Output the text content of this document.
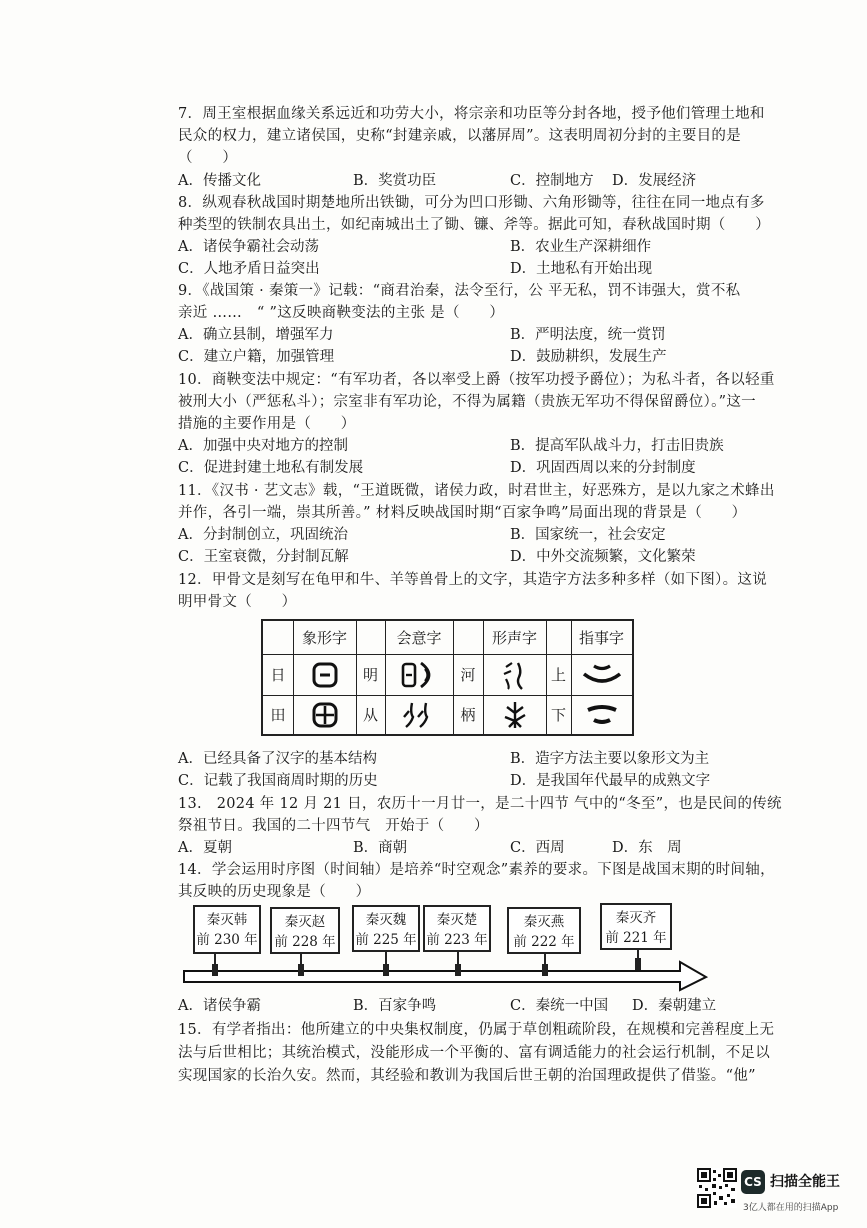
7．周王室根据血缘关系远近和功劳大小，将宗亲和功臣等分封各地，授予他们管理土地和
民众的权力，建立诸侯国，史称“封建亲戚，以藩屏周”。这表明周初分封的主要目的是
（　　）
A．传播文化	B．奖赏功臣	C．控制地方 D．发展经济
8．纵观春秋战国时期楚地所出铁锄，可分为凹口形锄、六角形锄等，往往在同一地点有多
种类型的铁制农具出土，如纪南城出土了锄、镰、斧等。据此可知，春秋战国时期（　　）
A．诸侯争霸社会动荡	B．农业生产深耕细作
C．人地矛盾日益突出	D．土地私有开始出现
9．《战国策 · 秦策一》记载：“商君治秦，法令至行，公 平无私，罚不讳强大，赏不私
亲近 ……　“ ”这反映商鞅变法的主张 是（　　）
A．确立县制，增强军力	B．严明法度，统一赏罚
C．建立户籍，加强管理	D．鼓励耕织，发展生产
10．商鞅变法中规定：“有军功者，各以率受上爵（按军功授予爵位）；为私斗者，各以轻重
被刑大小（严惩私斗）；宗室非有军功论，不得为属籍（贵族无军功不得保留爵位）。”这一
措施的主要作用是（　　）
A．加强中央对地方的控制	B．提高军队战斗力，打击旧贵族
C．促进封建土地私有制发展	D．巩固西周以来的分封制度
11．《汉书 · 艺文志》载，“王道既微，诸侯力政，时君世主，好恶殊方，是以九家之术蜂出
并作，各引一端，崇其所善。” 材料反映战国时期“百家争鸣”局面出现的背景是（　　）
A．分封制创立，巩固统治	B．国家统一，社会安定
C．王室衰微，分封制瓦解	D．中外交流频繁，文化繁荣
12．甲骨文是刻写在龟甲和牛、羊等兽骨上的文字，其造字方法多种多样（如下图）。这说
明甲骨文（　　）
象形字	会意字	形声字	指事字
日	明	河	上
田	从	柄	下
A．已经具备了汉字的基本结构	B．造字方法主要以象形文为主
C．记载了我国商周时期的历史	D．是我国年代最早的成熟文字
13.　2024 年 12 月 21 日，农历十一月廿一，是二十四节 气中的“冬至”，也是民间的传统
祭祖节日。我国的二十四节气　开始于（　　）
A．夏朝	B．商朝	C．西周	D．东　周
14．学会运用时序图（时间轴）是培养“时空观念”素养的要求。下图是战国末期的时间轴，
其反映的历史现象是（　　）
秦灭韩
前 230 年
秦灭赵
前 228 年
秦灭魏
前 225 年
秦灭楚
前 223 年
秦灭燕
前 222 年
秦灭齐
前 221 年
A．诸侯争霸	B．百家争鸣	C．秦统一中国 D．秦朝建立
15．有学者指出：他所建立的中央集权制度，仍属于草创粗疏阶段，在规模和完善程度上无
法与后世相比；其统治模式，没能形成一个平衡的、富有调适能力的社会运行机制，不足以
实现国家的长治久安。然而，其经验和教训为我国后世王朝的治国理政提供了借鉴。“他”
CS 扫描全能王
3亿人都在用的扫描App
